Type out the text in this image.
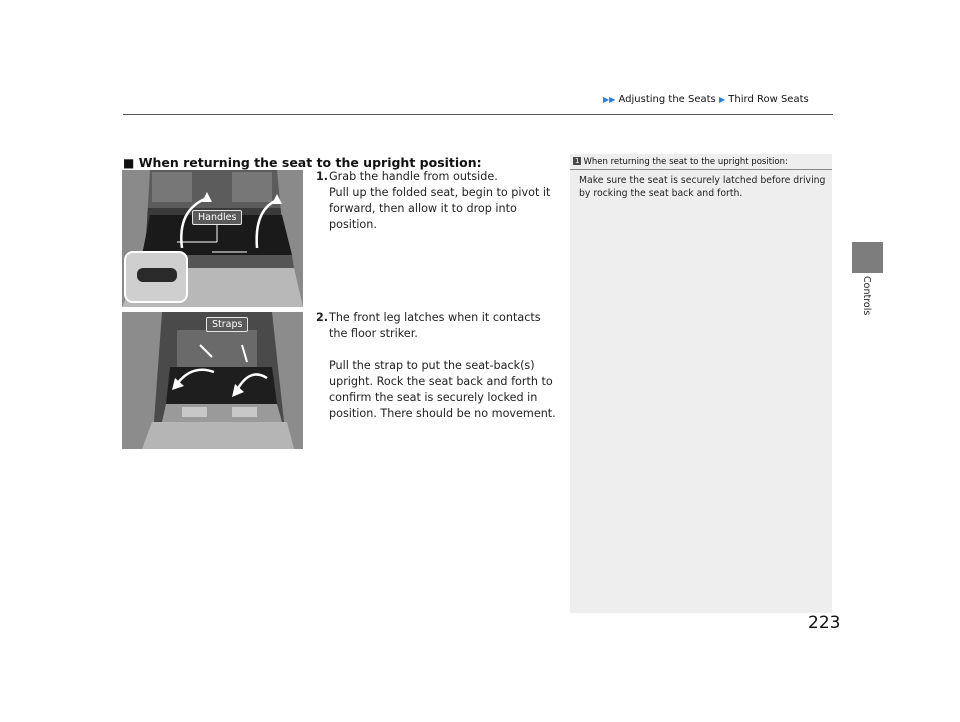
▶▶ Adjusting the Seats ▶ Third Row Seats
Controls
■ When returning the seat to the upright position:
Handles
Straps
1. Grab the handle from outside.
Pull up the folded seat, begin to pivot it forward, then allow it to drop into position.
2. The front leg latches when it contacts the floor striker.
Pull the strap to put the seat-back(s) upright. Rock the seat back and forth to confirm the seat is securely locked in position. There should be no movement.
1 When returning the seat to the upright position:
Make sure the seat is securely latched before driving by rocking the seat back and forth.
223
